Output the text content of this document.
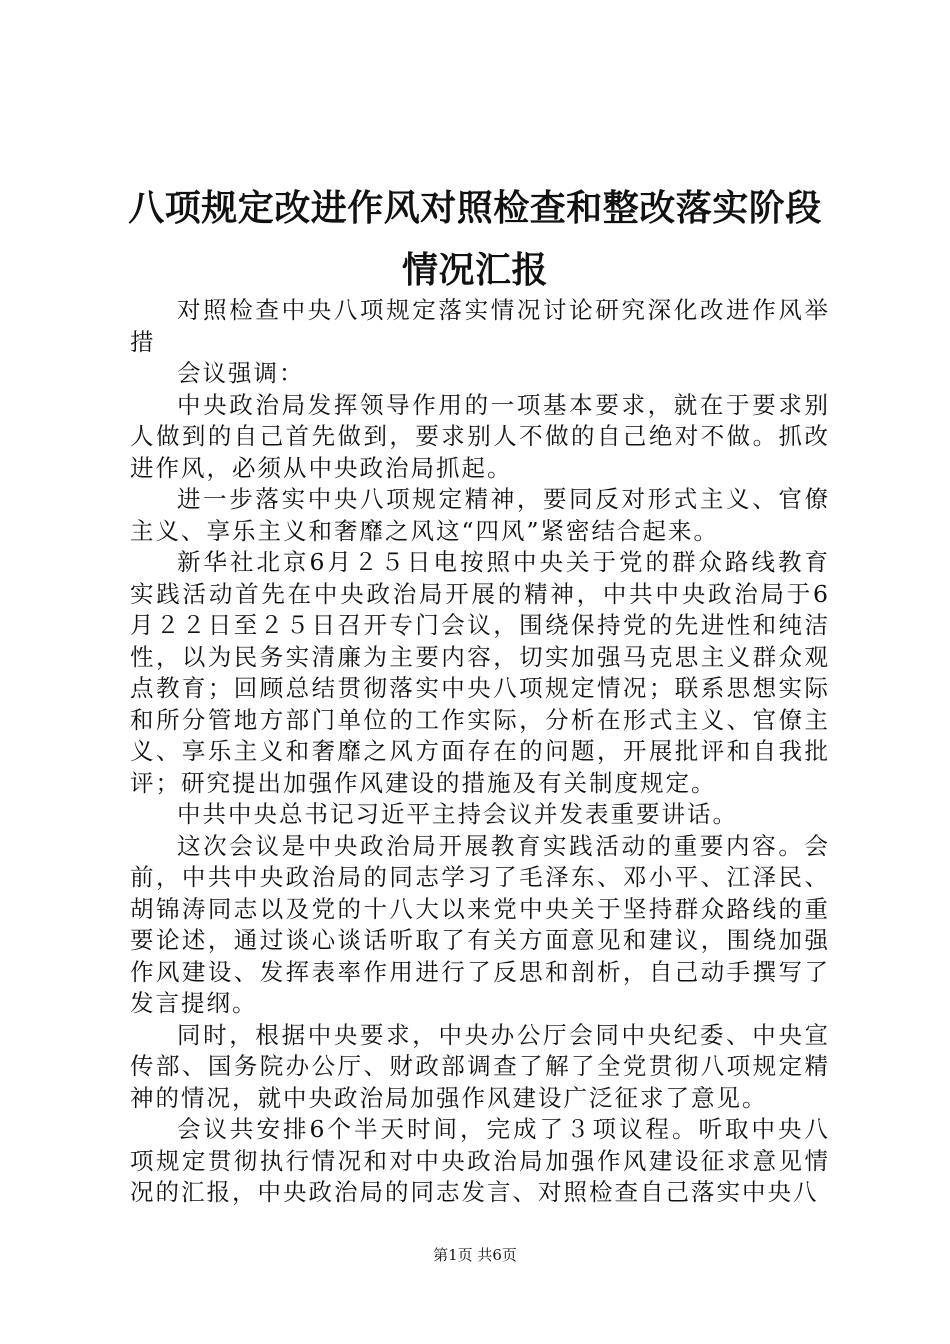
八项规定改进作风对照检查和整改落实阶段情况汇报

对照检查中央八项规定落实情况讨论研究深化改进作风举措

会议强调：

中央政治局发挥领导作用的一项基本要求，就在于要求别人做到的自己首先做到，要求别人不做的自己绝对不做。抓改进作风，必须从中央政治局抓起。

进一步落实中央八项规定精神，要同反对形式主义、官僚主义、享乐主义和奢靡之风这“四风”紧密结合起来。

新华社北京6月２５日电按照中央关于党的群众路线教育实践活动首先在中央政治局开展的精神，中共中央政治局于6月２２日至２５日召开专门会议，围绕保持党的先进性和纯洁性，以为民务实清廉为主要内容，切实加强马克思主义群众观点教育；回顾总结贯彻落实中央八项规定情况；联系思想实际和所分管地方部门单位的工作实际，分析在形式主义、官僚主义、享乐主义和奢靡之风方面存在的问题，开展批评和自我批评；研究提出加强作风建设的措施及有关制度规定。

中共中央总书记习近平主持会议并发表重要讲话。

这次会议是中央政治局开展教育实践活动的重要内容。会前，中共中央政治局的同志学习了毛泽东、邓小平、江泽民、胡锦涛同志以及党的十八大以来党中央关于坚持群众路线的重要论述，通过谈心谈话听取了有关方面意见和建议，围绕加强作风建设、发挥表率作用进行了反思和剖析，自己动手撰写了发言提纲。

同时，根据中央要求，中央办公厅会同中央纪委、中央宣传部、国务院办公厅、财政部调查了解了全党贯彻八项规定精神的情况，就中央政治局加强作风建设广泛征求了意见。

会议共安排6个半天时间，完成了３项议程。听取中央八项规定贯彻执行情况和对中央政治局加强作风建设征求意见情况的汇报，中央政治局的同志发言、对照检查自己落实中央八

第1页 共6页
